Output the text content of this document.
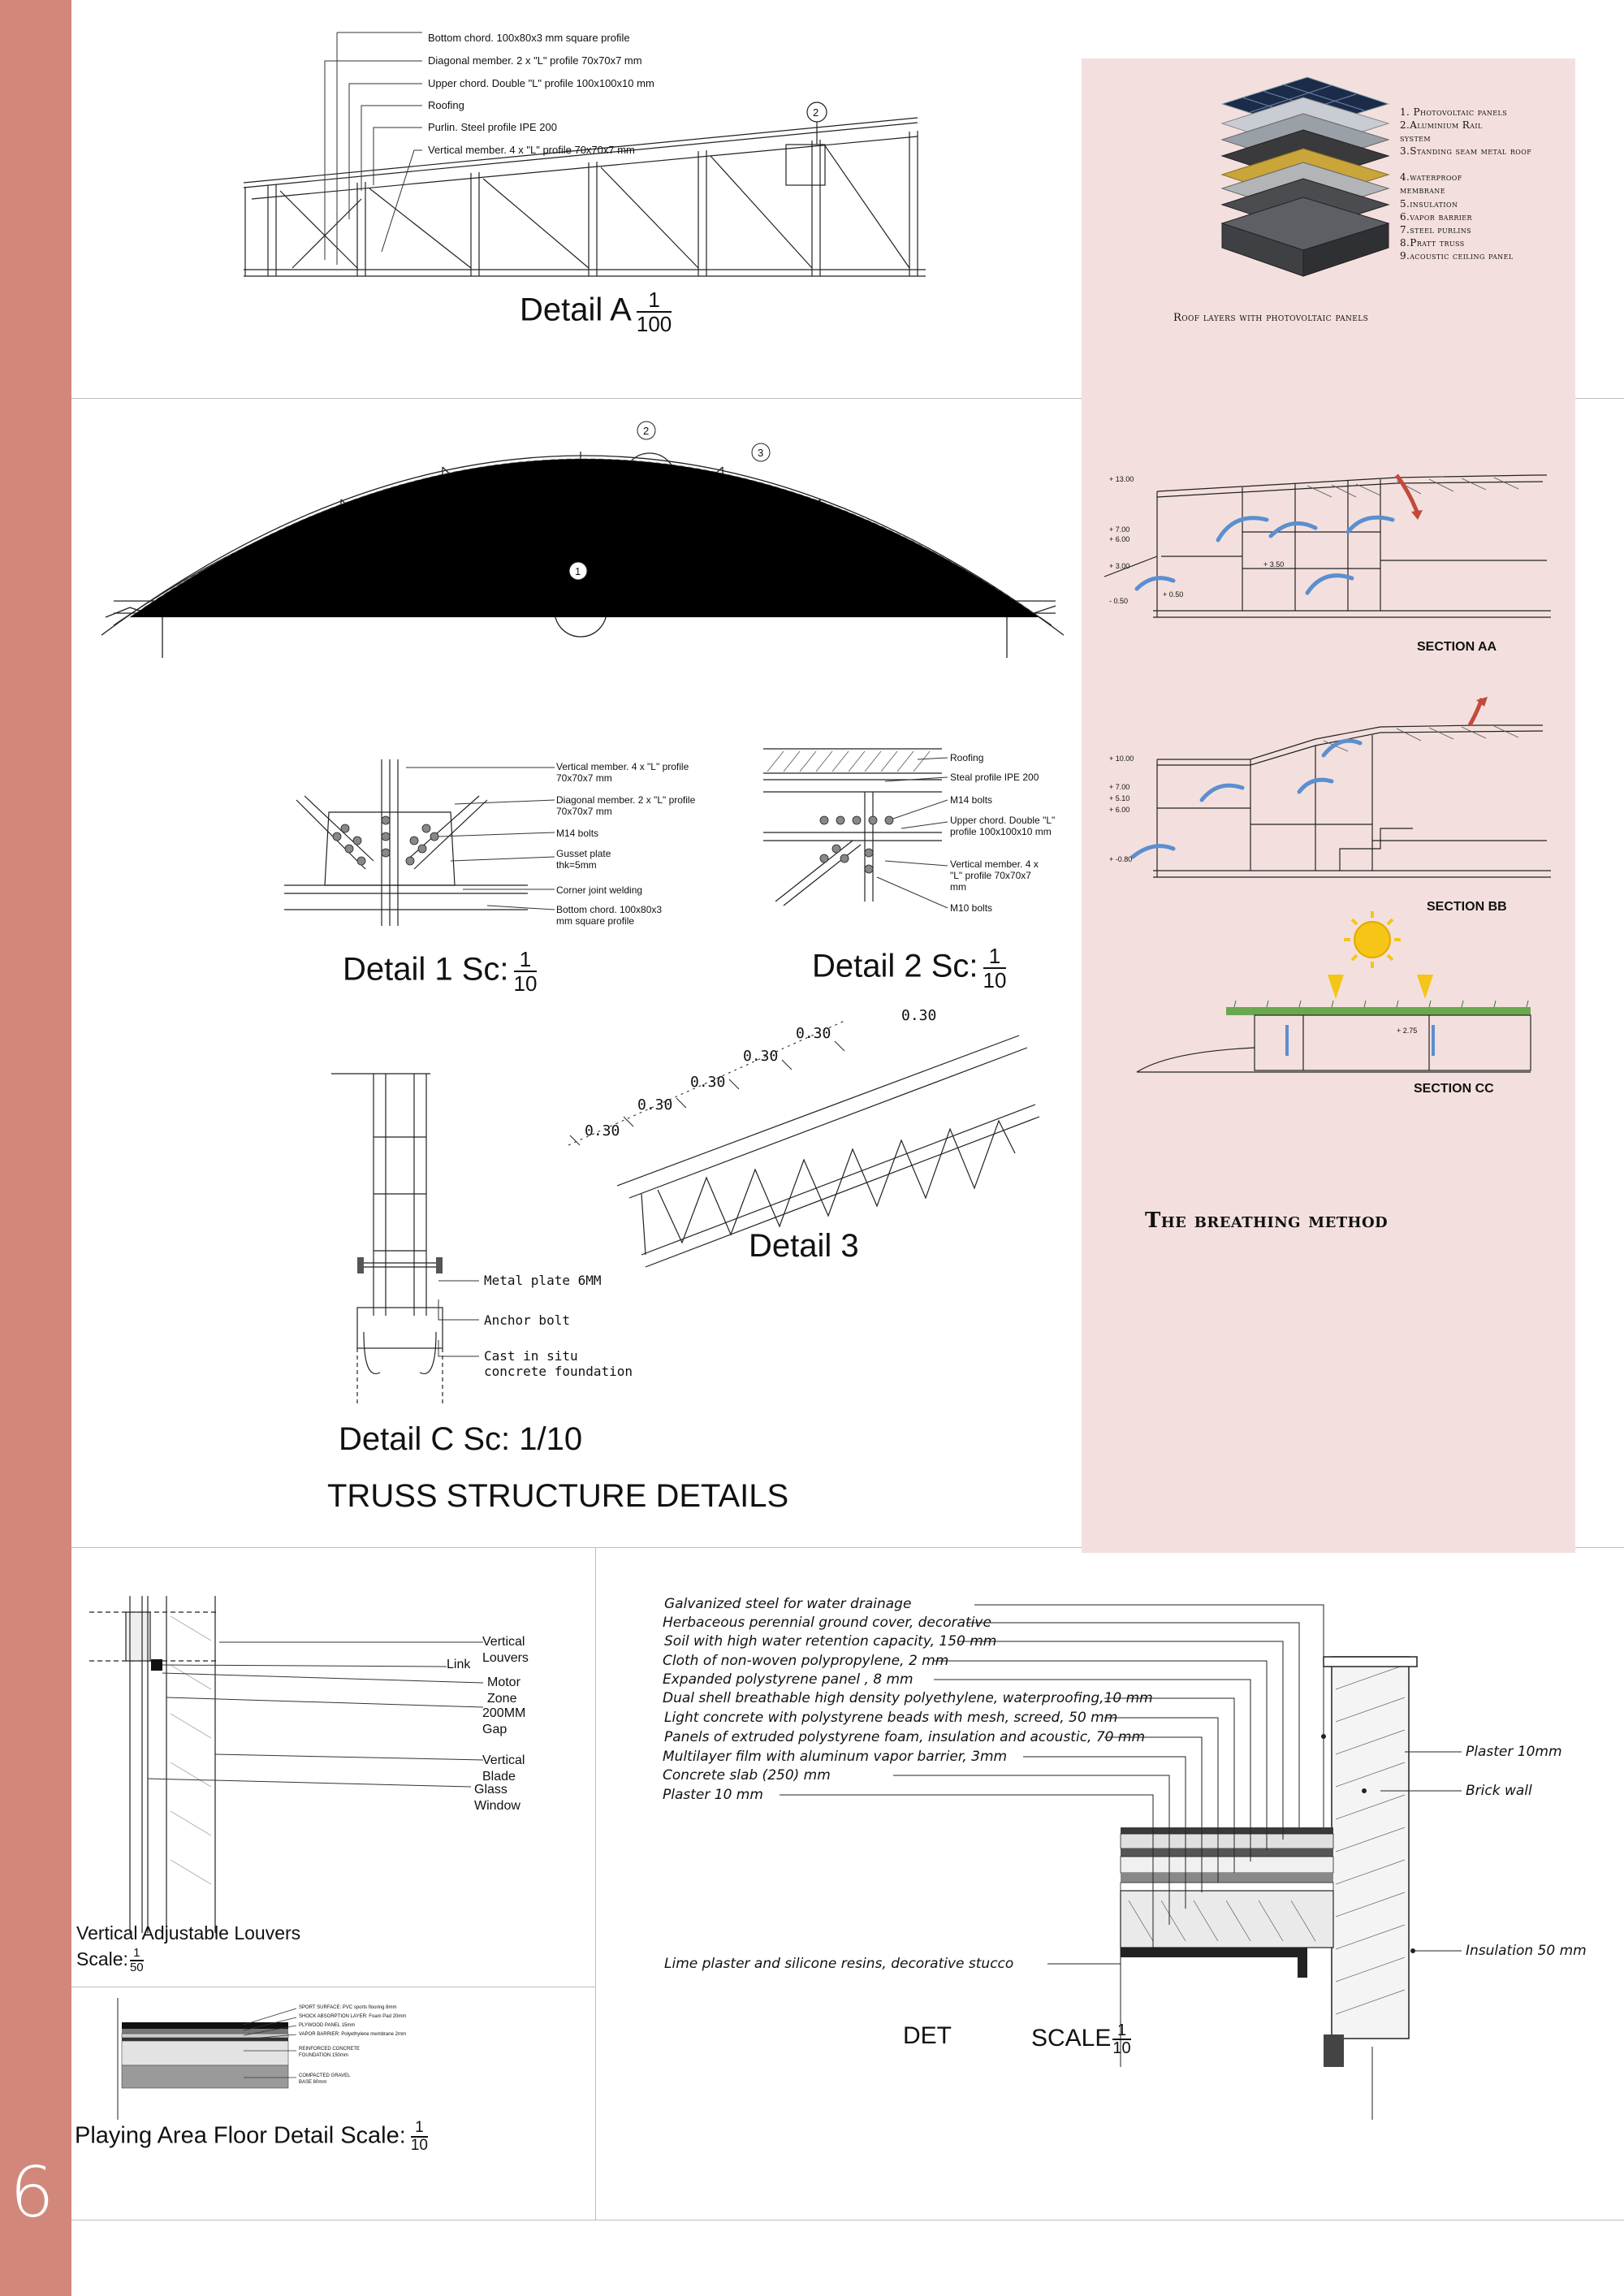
6
Bottom chord. 100x80x3 mm square profile
Diagonal member. 2 x "L" profile 70x70x7 mm
Upper chord. Double "L" profile 100x100x10 mm
Roofing
Purlin. Steel profile IPE 200
Vertical member. 4 x "L" profile 70x70x7 mm
2
Detail A $\frac{1}{100}$
1. Photovoltaic panels
2.Aluminium Rail system
3.Standing seam metal roof
4.waterproof membrane
5.insulation
6.vapor barrier
7.steel purlins
8.Pratt truss
9.acoustic ceiling panel
Roof layers with photovoltaic panels
SECTION AA
+ 13.00
+ 7.00
+ 6.00
+ 3.00	+ 3.50
- 0.50
+ 0.50
SECTION BB
+ 10.00
+ 7.00
+ 5.10
+ 6.00
+ -0.80
+ 2.75
SECTION CC
The breathing method
1
2
3
Vertical member. 4 x "L" profile 70x70x7 mm
Diagonal member. 2 x "L" profile 70x70x7 mm
M14 bolts
Gusset plate thk=5mm
Corner joint welding
Bottom chord. 100x80x3 mm square profile
Detail 1 Sc: $\frac{1}{10}$
Roofing
Steal profile IPE 200
M14 bolts
Upper chord. Double "L" profile 100x100x10 mm
Vertical member. 4 x "L" profile 70x70x7 mm
M10 bolts
Detail 2 Sc: $\frac{1}{10}$
Metal plate 6MM
Anchor bolt
Cast in situ concrete foundation
Detail C Sc: 1/10
TRUSS STRUCTURE DETAILS
0.30
0.30
0.30
0.30
0.30
0.30
Detail 3
Vertical Louvers
Link
Motor Zone
200MM Gap
Vertical Blade
Glass Window
Vertical Adjustable Louvers
Scale: $\frac{1}{50}$
SPORT SURFACE: PVC sports flooring 8mm
SHOCK ABSORPTION LAYER: Foam Pad 20mm
PLYWOOD PANEL 15mm
VAPOR BARRIER: Polyethylene membrane 2mm
REINFORCED CONCRETE FOUNDATION 150mm
COMPACTED GRAVEL BASE 80mm
Playing Area Floor Detail Scale: $\frac{1}{10}$
Galvanized steel for water drainage
Herbaceous perennial ground cover, decorative
Soil with high water retention capacity, 150 mm
Cloth of non-woven polypropylene, 2 mm
Expanded polystyrene panel , 8 mm
Dual shell breathable high density polyethylene, waterproofing,10 mm
Light concrete with polystyrene beads with mesh, screed, 50 mm
Panels of extruded polystyrene foam, insulation and acoustic, 70 mm
Multilayer film with aluminum vapor barrier, 3mm
Concrete slab (250) mm
Plaster 10 mm
Lime plaster and silicone resins, decorative stucco
Plaster 10mm
Brick wall
Insulation 50 mm
DET	SCALE $\frac{1}{10}$
